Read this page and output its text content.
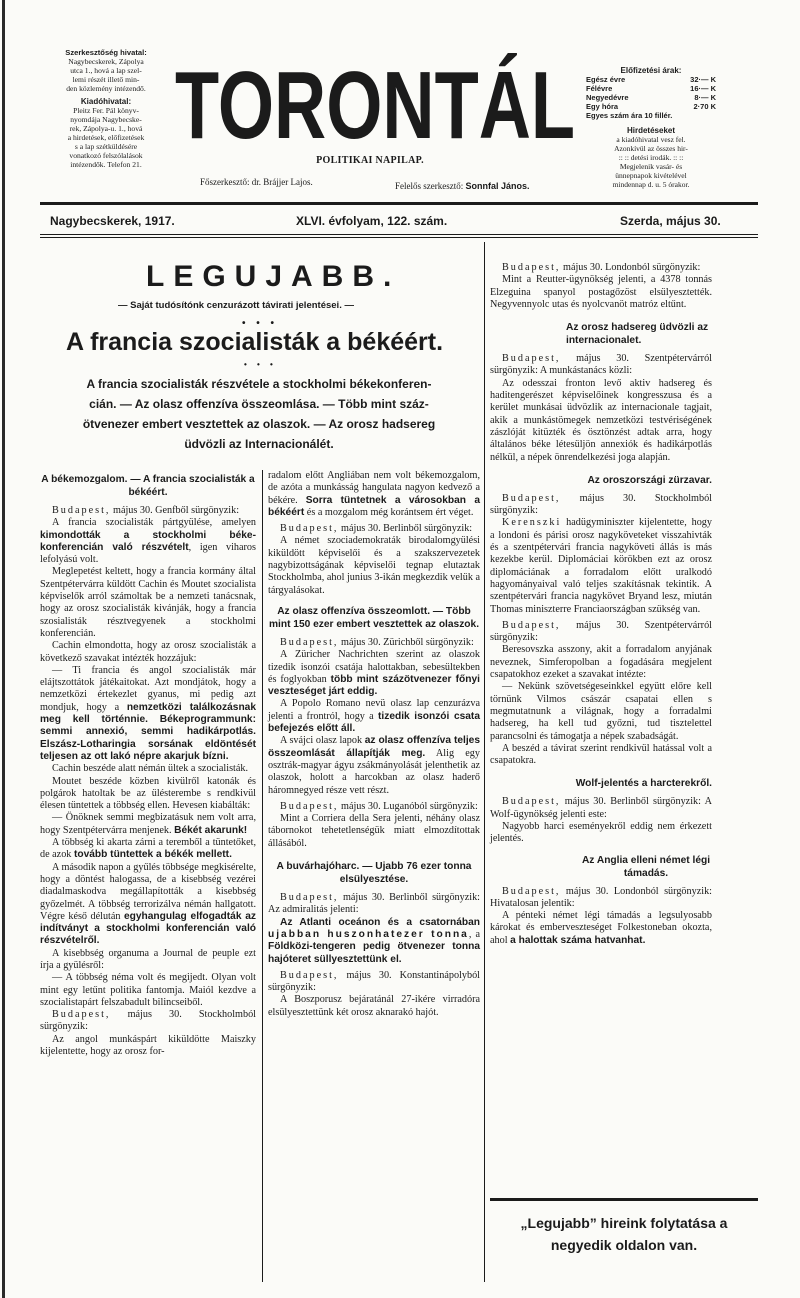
Szerkesztőség hivatal:
Nagybecskerek, Zápolya
utca 1., hová a lap szel-
lemi részét illető min-
den közlemény intézendő.
Kiadóhivatal:
Pleitz Fer. Pál könyv-
nyomdája Nagybecske-
rek, Zápolya-u. 1., hová
a hirdetések, előfizetések
s a lap szétküldésére
vonatkozó felszólalások
intézendők. Telefon 21.
TORONTÁL
POLITIKAI NAPILAP.
Főszerkesztő: dr. Brájjer Lajos.	Felelős szerkesztő: Sonnfal János.
Előfizetési árak:
Egész évre	32·— K
Félévre	16·— K
Negyedévre	8·— K
Egy hóra	2·70 K
Egyes szám ára 10 fillér.
Hirdetéseket
a kiadóhivatal vesz fel.
Azonkívül az összes hir-
:: :: detési irodák. :: ::
Megjelenik vasár- és
ünnepnapok kivételével
mindennap d. u. 5 órakor.
Nagybecskerek, 1917.	XLVI. évfolyam, 122. szám.	Szerda, május 30.
LEGUJABB.
— Saját tudósítónk cenzurázott távirati jelentései. —
• • •
A francia szocialisták a békéért.
• • •
A francia szocialisták részvétele a stockholmi békekonferen-
cián. — Az olasz offenzíva összeomlása. — Több mint száz-
ötvenezer embert vesztettek az olaszok. — Az orosz hadsereg
üdvözli az Internacionálét.
A békemozgalom. — A francia szocialisták a békéért.

Budapest, május 30. Genfből sürgönyzik:

A francia szocialisták pártgyülése, amelyen kimondották a stockholmi béke-konferencián való részvételt, igen viharos lefolyású volt.

Meglepetést keltett, hogy a francia kormány által Szentpétervárra küldött Cachin és Moutet szocialista képviselők arról számoltak be a nemzeti tanácsnak, hogy az orosz szocialisták kivánják, hogy a francia szosialisták résztvegyenek a stockholmi konferencián.

Cachin elmondotta, hogy az orosz szocialisták a következő szavakat intézték hozzájuk:

— Ti francia és angol szocialisták már elájtszottátok játékaitokat. Azt mondjátok, hogy a nemzetközi értekezlet gyanus, mi pedig azt mondjuk, hogy a nemzetközi találkozásnak meg kell történnie. Békeprogrammunk: semmi annexió, semmi hadikárpotlás. Elszász-Lotharingia sorsának eldöntését teljesen az ott lakó népre akarjuk bízni.

Cachin beszéde alatt némán ültek a szocialisták.

Moutet beszéde közben kivülről katonák és polgárok hatoltak be az ülésterembe s rendkivül élesen tüntettek a többség ellen. Hevesen kiabálták:

— Önöknek semmi megbizatásuk nem volt arra, hogy Szentpétervárra menjenek. Békét akarunk!

A többség ki akarta zárni a teremből a tüntetőket, de azok tovább tüntettek a békék mellett.

A második napon a gyűlés többsége megkisérelte, hogy a döntést halogassa, de a kisebbség vezérei diadalmaskodva megállapították a kisebbség győzelmét. A többség terrorizálva némán hallgatott. Végre késő délután egyhangulag elfogadták az indítványt a stockholmi konferencián való részvételről.

A kisebbség organuma a Journal de peuple ezt írja a gyülésről:

— A többség néma volt és megijedt. Olyan volt mint egy letűnt politika fantomja. Maiól kezdve a szocialistapárt felszabadult bilincseiből.

Budapest, május 30. Stockholmból sürgönyzik:

Az angol munkáspárt kiküldötte Maiszky kijelentette, hogy az orosz for-

radalom előtt Angliában nem volt békemozgalom, de azóta a munkásság hangulata nagyon kedvező a békére. Sorra tüntetnek a városokban a békéért és a mozgalom még korántsem ért véget.

Budapest, május 30. Berlinből sürgönyzik:

A német szociademokraták birodalomgyülési kiküldött képviselői és a szakszervezetek nagybizottságának képviselői tegnap elutaztak Stockholmba, ahol junius 3-ikán megkezdik velük a tárgyalásokat.

Az olasz offenzíva összeomlott. — Több mint 150 ezer embert vesztettek az olaszok.

Budapest, május 30. Zürichből sürgönyzik:

A Züricher Nachrichten szerint az olaszok tizedik isonzói csatája halottakban, sebesültekben és foglyokban több mint százötvenezer főnyi veszteséget járt eddig.

A Popolo Romano nevü olasz lap cenzurázva jelenti a frontról, hogy a tizedik isonzói csata befejezés előtt áll.

A svájci olasz lapok az olasz offenzíva teljes összeomlását állapítják meg. Alig egy osztrák-magyar ágyu zsákmányolását jelenthetik az olaszok, holott a harcokban az olasz haderő háromnegyed része vett részt.

Budapest, május 30. Luganóból sürgönyzik:

Mint a Corriera della Sera jelenti, néhány olasz tábornokot tehetetlenségük miatt elmozdítottak állásából.

A buvárhajóharc. — Ujabb 76 ezer tonna elsülyesztése.

Budapest, május 30. Berlinből sürgönyzik: Az admiralitás jelenti:

Az Atlanti oceánon és a csatornában ujabban huszonhatezer tonna, a Földközi-tengeren pedig ötvenezer tonna hajóteret süllyesztettünk el.

Budapest, május 30. Konstantinápolyból sürgönyzik:

A Boszporusz bejáratánál 27-ikére virradóra elsülyesztettünk két orosz aknarakó hajót.

Budapest, május 30. Londonból sürgönyzik:

Mint a Reutter-ügynökség jelenti, a 4378 tonnás Elzeguina spanyol postagőzöst elsülyesztették. Negyvennyolc utas és nyolcvanöt matróz eltűnt.

Az orosz hadsereg üdvözli az internacionalet.

Budapest, május 30. Szentpétervárról sürgönyzik: A munkástanács közli:

Az odesszai fronton levő aktiv hadsereg és haditengerészet képviselőinek kongresszusa és a kerület munkásai üdvözlik az internacionale tagjait, akik a munkástömegek nemzetközi testvériségének zászlóját kitüzték és ösztönzést adtak arra, hogy általános béke létesüljön annexiók és hadikárpotlás nélkül, a népek önrendelkezési joga alapján.

Az oroszországi zürzavar.

Budapest, május 30. Stockholmból sürgönyzik:

Kerenszki hadügyminiszter kijelentette, hogy a londoni és párisi orosz nagyköveteket visszahivták és a szentpétervári francia nagyköveti állás is más kezekbe kerül. Diplomáciai körökben ezt az orosz diplomáciának a forradalom előtt uralkodó hagyományaival való teljes szakításnak tekintik. A szentpétervári francia nagykövet Bryand lesz, miután Thomas miniszterre Franciaországban szükség van.

Budapest, május 30. Szentpétervárról sürgönyzik:

Beresovszka asszony, akit a forradalom anyjának neveznek, Simferopolban a fogadására megjelent csapatokhoz ezeket a szavakat intézte:

— Nekünk szövetségeseinkkel együtt előre kell törnünk Vilmos császár csapatai ellen s megmutatnunk a világnak, hogy a forradalmi hadsereg, ha kell tud győzni, tud tisztelettel parancsolni és támogatja a népek szabadságát.

A beszéd a távirat szerint rendkivül hatással volt a csapatokra.

Wolf-jelentés a harcterekről.

Budapest, május 30. Berlinből sürgönyzik: A Wolf-ügynökség jelenti este:

Nagyobb harci eseményekről eddig nem érkezett jelentés.

Az Anglia elleni német légi támadás.

Budapest, május 30. Londonból sürgönyzik: Hivatalosan jelentik:

A pénteki német légi támadás a legsulyosabb károkat és emberveszteséget Folkestoneban okozta, ahol a halottak száma hatvanhat.

„Legujabb” hireink folytatása a negyedik oldalon van.
